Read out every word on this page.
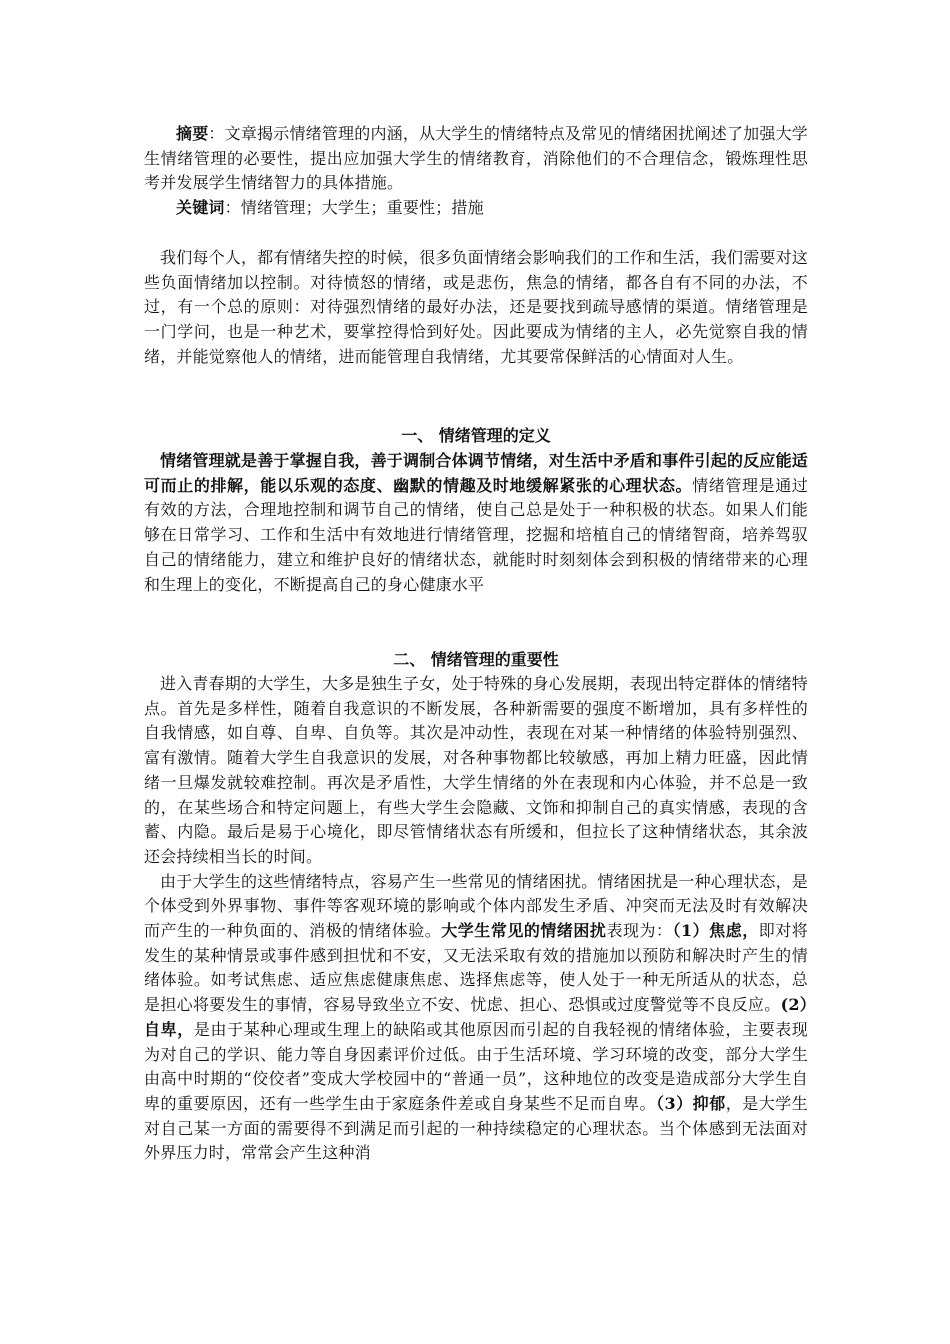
摘要：文章揭示情绪管理的内涵，从大学生的情绪特点及常见的情绪困扰阐述了加强大学生情绪管理的必要性，提出应加强大学生的情绪教育，消除他们的不合理信念，锻炼理性思考并发展学生情绪智力的具体措施。

关键词：情绪管理；大学生；重要性；措施

我们每个人，都有情绪失控的时候，很多负面情绪会影响我们的工作和生活，我们需要对这些负面情绪加以控制。对待愤怒的情绪，或是悲伤，焦急的情绪，都各自有不同的办法，不过，有一个总的原则：对待强烈情绪的最好办法，还是要找到疏导感情的渠道。情绪管理是一门学问，也是一种艺术，要掌控得恰到好处。因此要成为情绪的主人，必先觉察自我的情绪，并能觉察他人的情绪，进而能管理自我情绪，尤其要常保鲜活的心情面对人生。

一、 情绪管理的定义

情绪管理就是善于掌握自我，善于调制合体调节情绪，对生活中矛盾和事件引起的反应能适可而止的排解，能以乐观的态度、幽默的情趣及时地缓解紧张的心理状态。情绪管理是通过有效的方法，合理地控制和调节自己的情绪，使自己总是处于一种积极的状态。如果人们能够在日常学习、工作和生活中有效地进行情绪管理，挖掘和培植自己的情绪智商，培养驾驭自己的情绪能力，建立和维护良好的情绪状态，就能时时刻刻体会到积极的情绪带来的心理和生理上的变化，不断提高自己的身心健康水平

二、 情绪管理的重要性

进入青春期的大学生，大多是独生子女，处于特殊的身心发展期，表现出特定群体的情绪特点。首先是多样性，随着自我意识的不断发展，各种新需要的强度不断增加，具有多样性的自我情感，如自尊、自卑、自负等。其次是冲动性，表现在对某一种情绪的体验特别强烈、富有激情。随着大学生自我意识的发展，对各种事物都比较敏感，再加上精力旺盛，因此情绪一旦爆发就较难控制。再次是矛盾性，大学生情绪的外在表现和内心体验，并不总是一致的，在某些场合和特定问题上，有些大学生会隐藏、文饰和抑制自己的真实情感，表现的含蓄、内隐。最后是易于心境化，即尽管情绪状态有所缓和，但拉长了这种情绪状态，其余波还会持续相当长的时间。

由于大学生的这些情绪特点，容易产生一些常见的情绪困扰。情绪困扰是一种心理状态，是个体受到外界事物、事件等客观环境的影响或个体内部发生矛盾、冲突而无法及时有效解决而产生的一种负面的、消极的情绪体验。大学生常见的情绪困扰表现为：（1）焦虑，即对将发生的某种情景或事件感到担忧和不安，又无法采取有效的措施加以预防和解决时产生的情绪体验。如考试焦虑、适应焦虑健康焦虑、选择焦虑等，使人处于一种无所适从的状态，总是担心将要发生的事情，容易导致坐立不安、忧虑、担心、恐惧或过度警觉等不良反应。(2）自卑，是由于某种心理或生理上的缺陷或其他原因而引起的自我轻视的情绪体验，主要表现为对自己的学识、能力等自身因素评价过低。由于生活环境、学习环境的改变，部分大学生由高中时期的“佼佼者”变成大学校园中的“普通一员”，这种地位的改变是造成部分大学生自卑的重要原因，还有一些学生由于家庭条件差或自身某些不足而自卑。（3）抑郁，是大学生对自己某一方面的需要得不到满足而引起的一种持续稳定的心理状态。当个体感到无法面对外界压力时，常常会产生这种消
